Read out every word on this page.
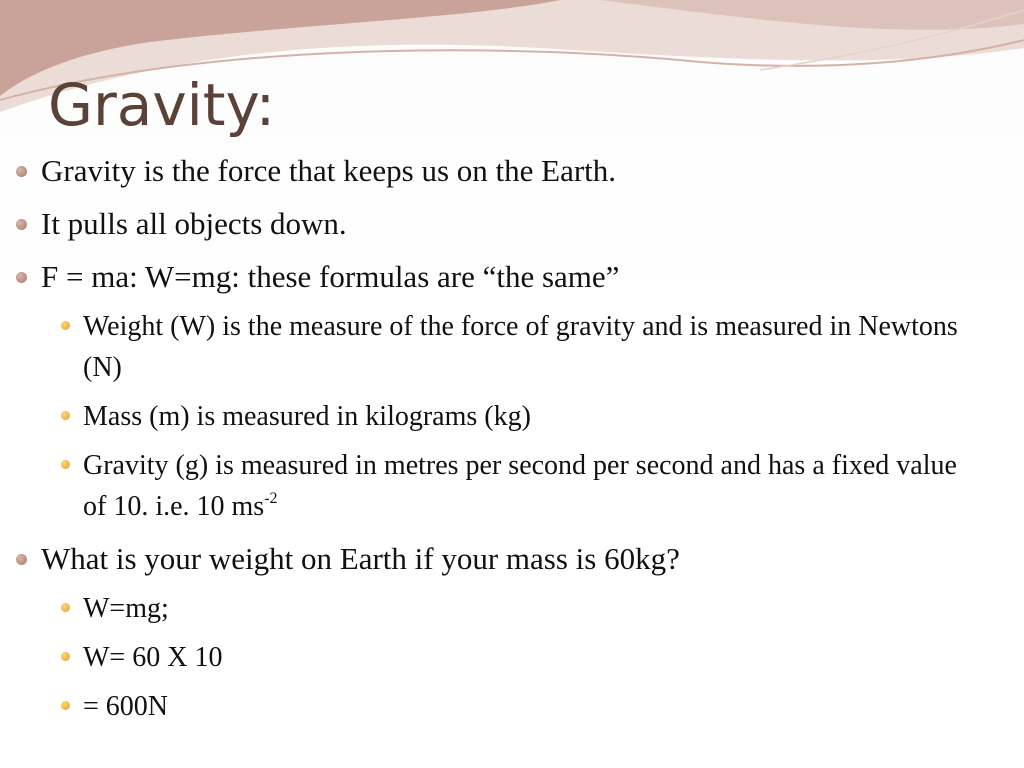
Gravity:
Gravity is the force that keeps us on the Earth.
It pulls all objects down.
F = ma: W=mg: these formulas are “the same”
Weight (W) is the measure of the force of gravity and is measured in Newtons (N)
Mass (m) is measured in kilograms (kg)
Gravity (g) is measured in metres per second per second and has a fixed value of 10. i.e. 10 $ms^{-2}$
What is your weight on Earth if your mass is 60kg?
W=mg;
W= 60 X 10
= 600N
